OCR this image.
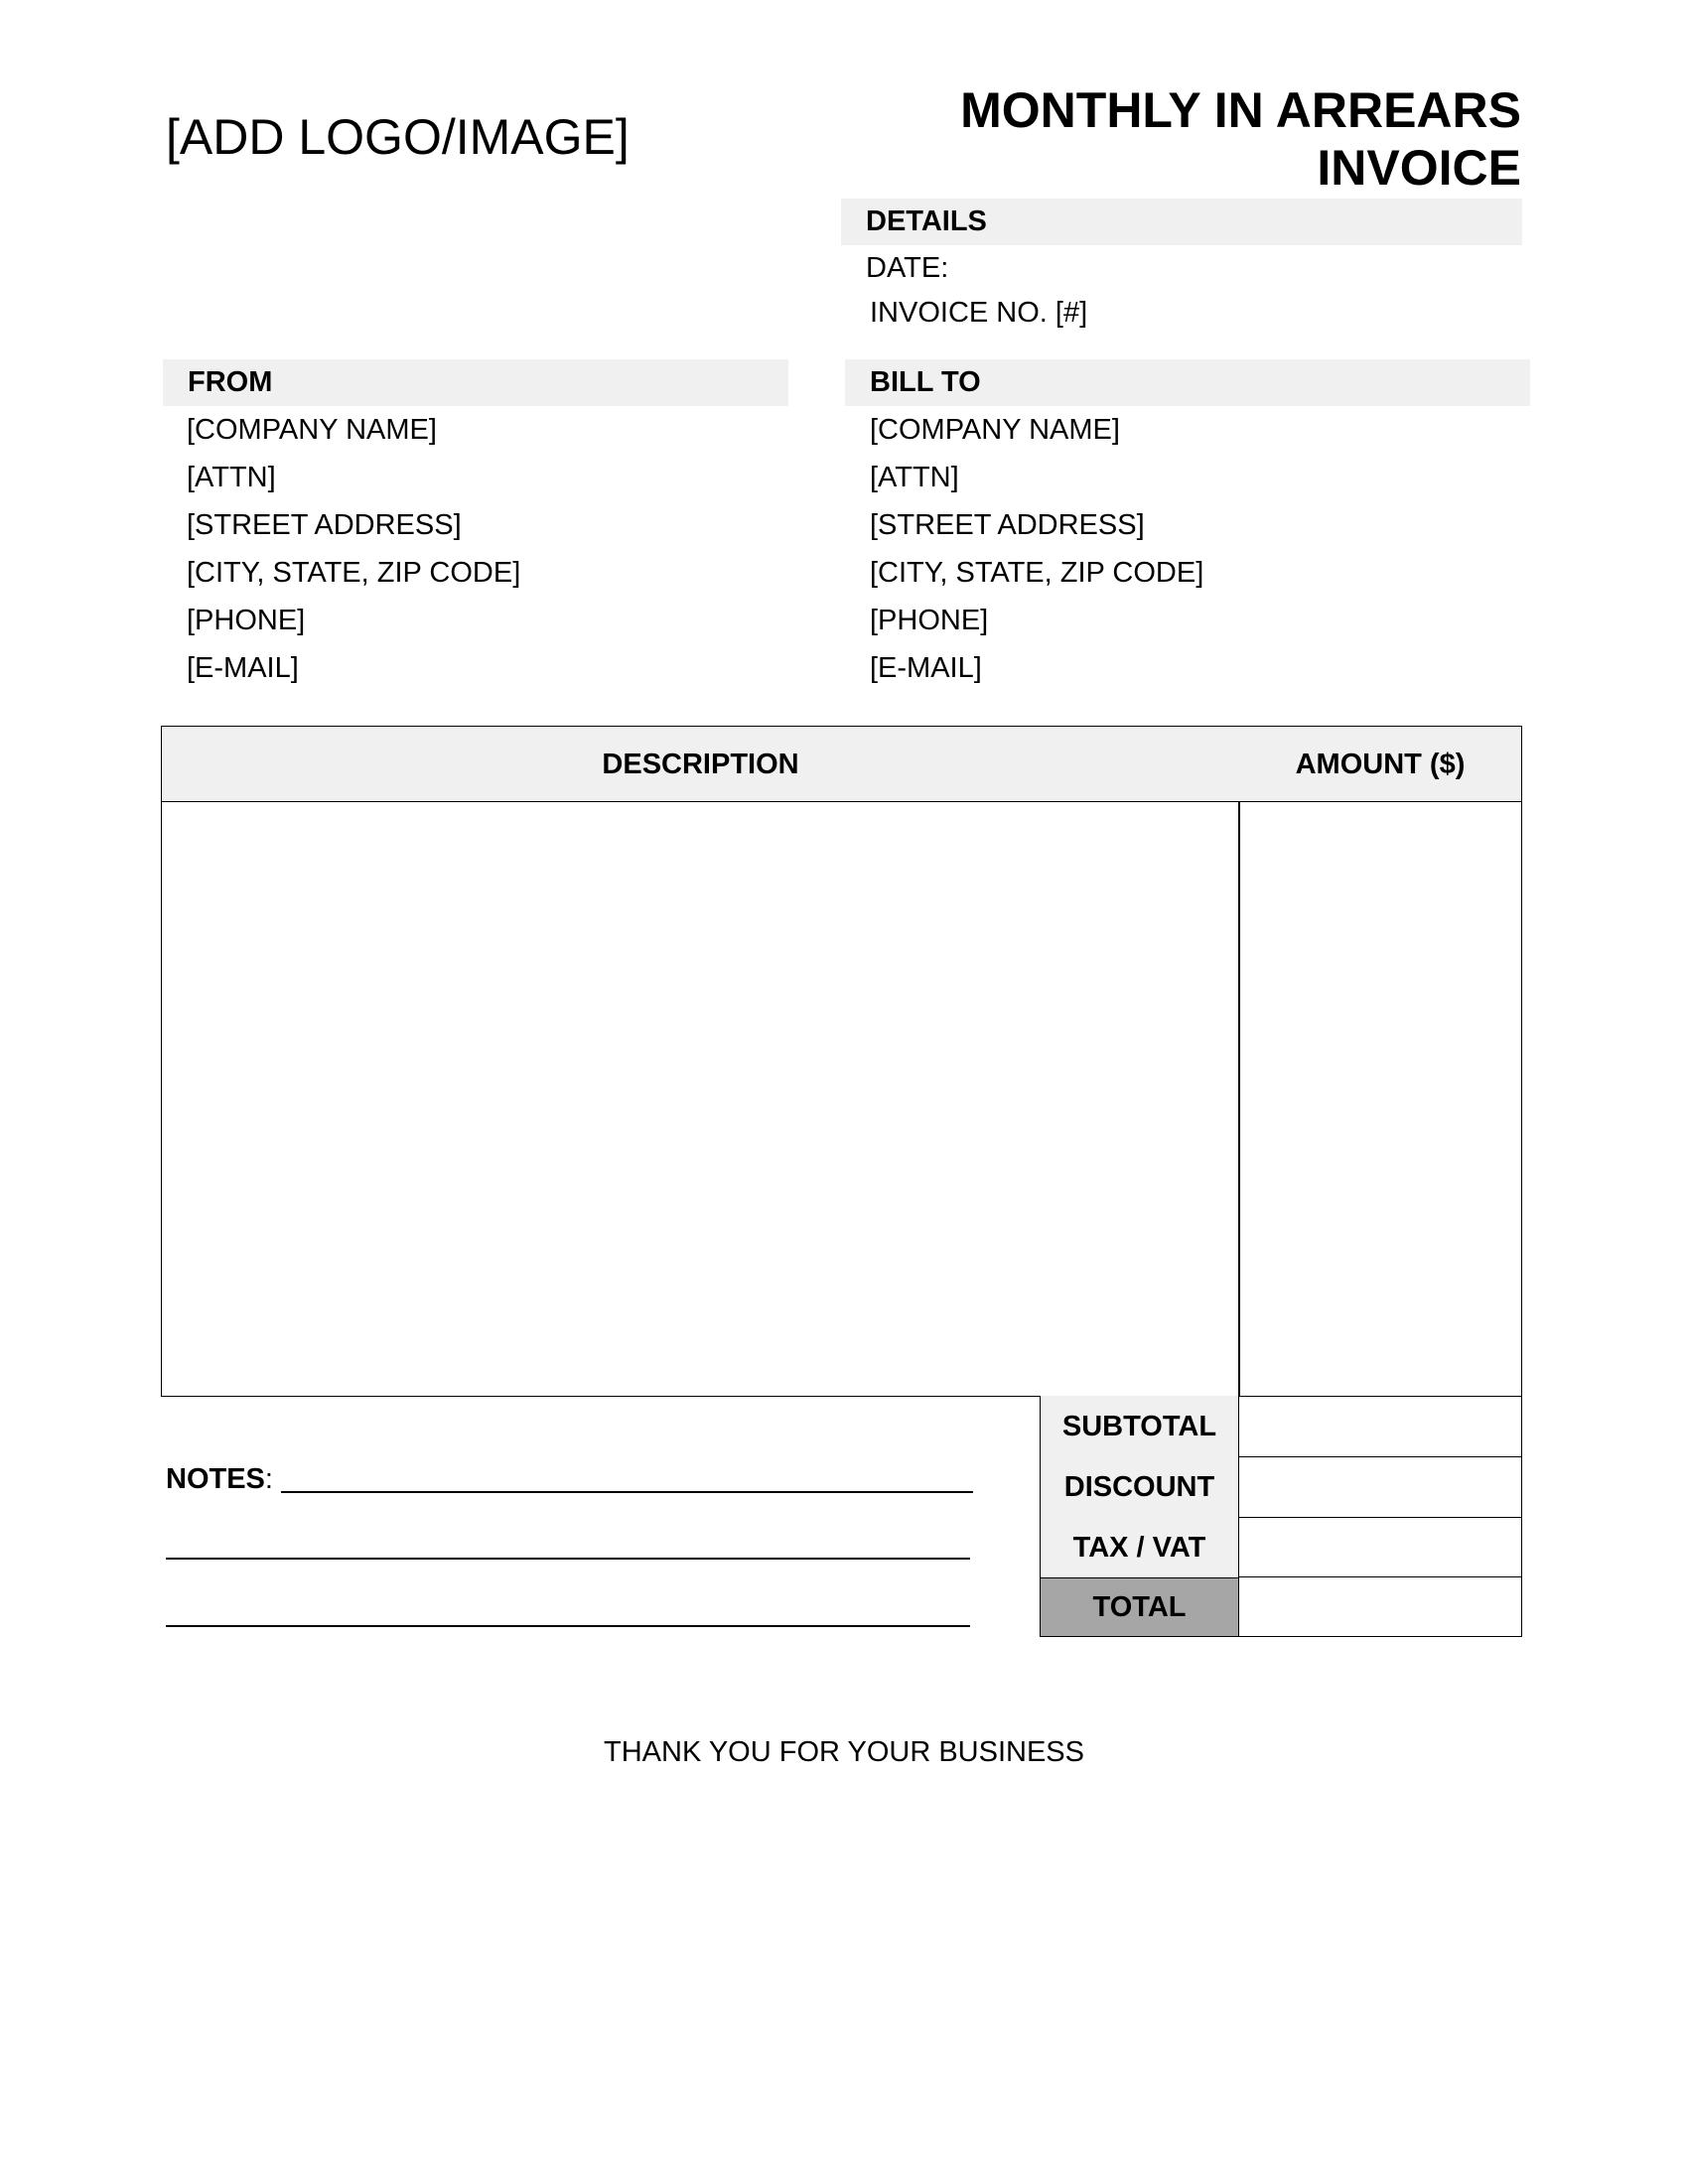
[ADD LOGO/IMAGE]	MONTHLY IN ARREARS
INVOICE
DETAILS
DATE:
INVOICE NO. [#]
FROM
[COMPANY NAME]
[ATTN]
[STREET ADDRESS]
[CITY, STATE, ZIP CODE]
[PHONE]
[E-MAIL]
BILL TO
[COMPANY NAME]
[ATTN]
[STREET ADDRESS]
[CITY, STATE, ZIP CODE]
[PHONE]
[E-MAIL]
DESCRIPTION	AMOUNT ($)
SUBTOTAL
DISCOUNT
TAX / VAT
TOTAL
NOTES:
THANK YOU FOR YOUR BUSINESS
